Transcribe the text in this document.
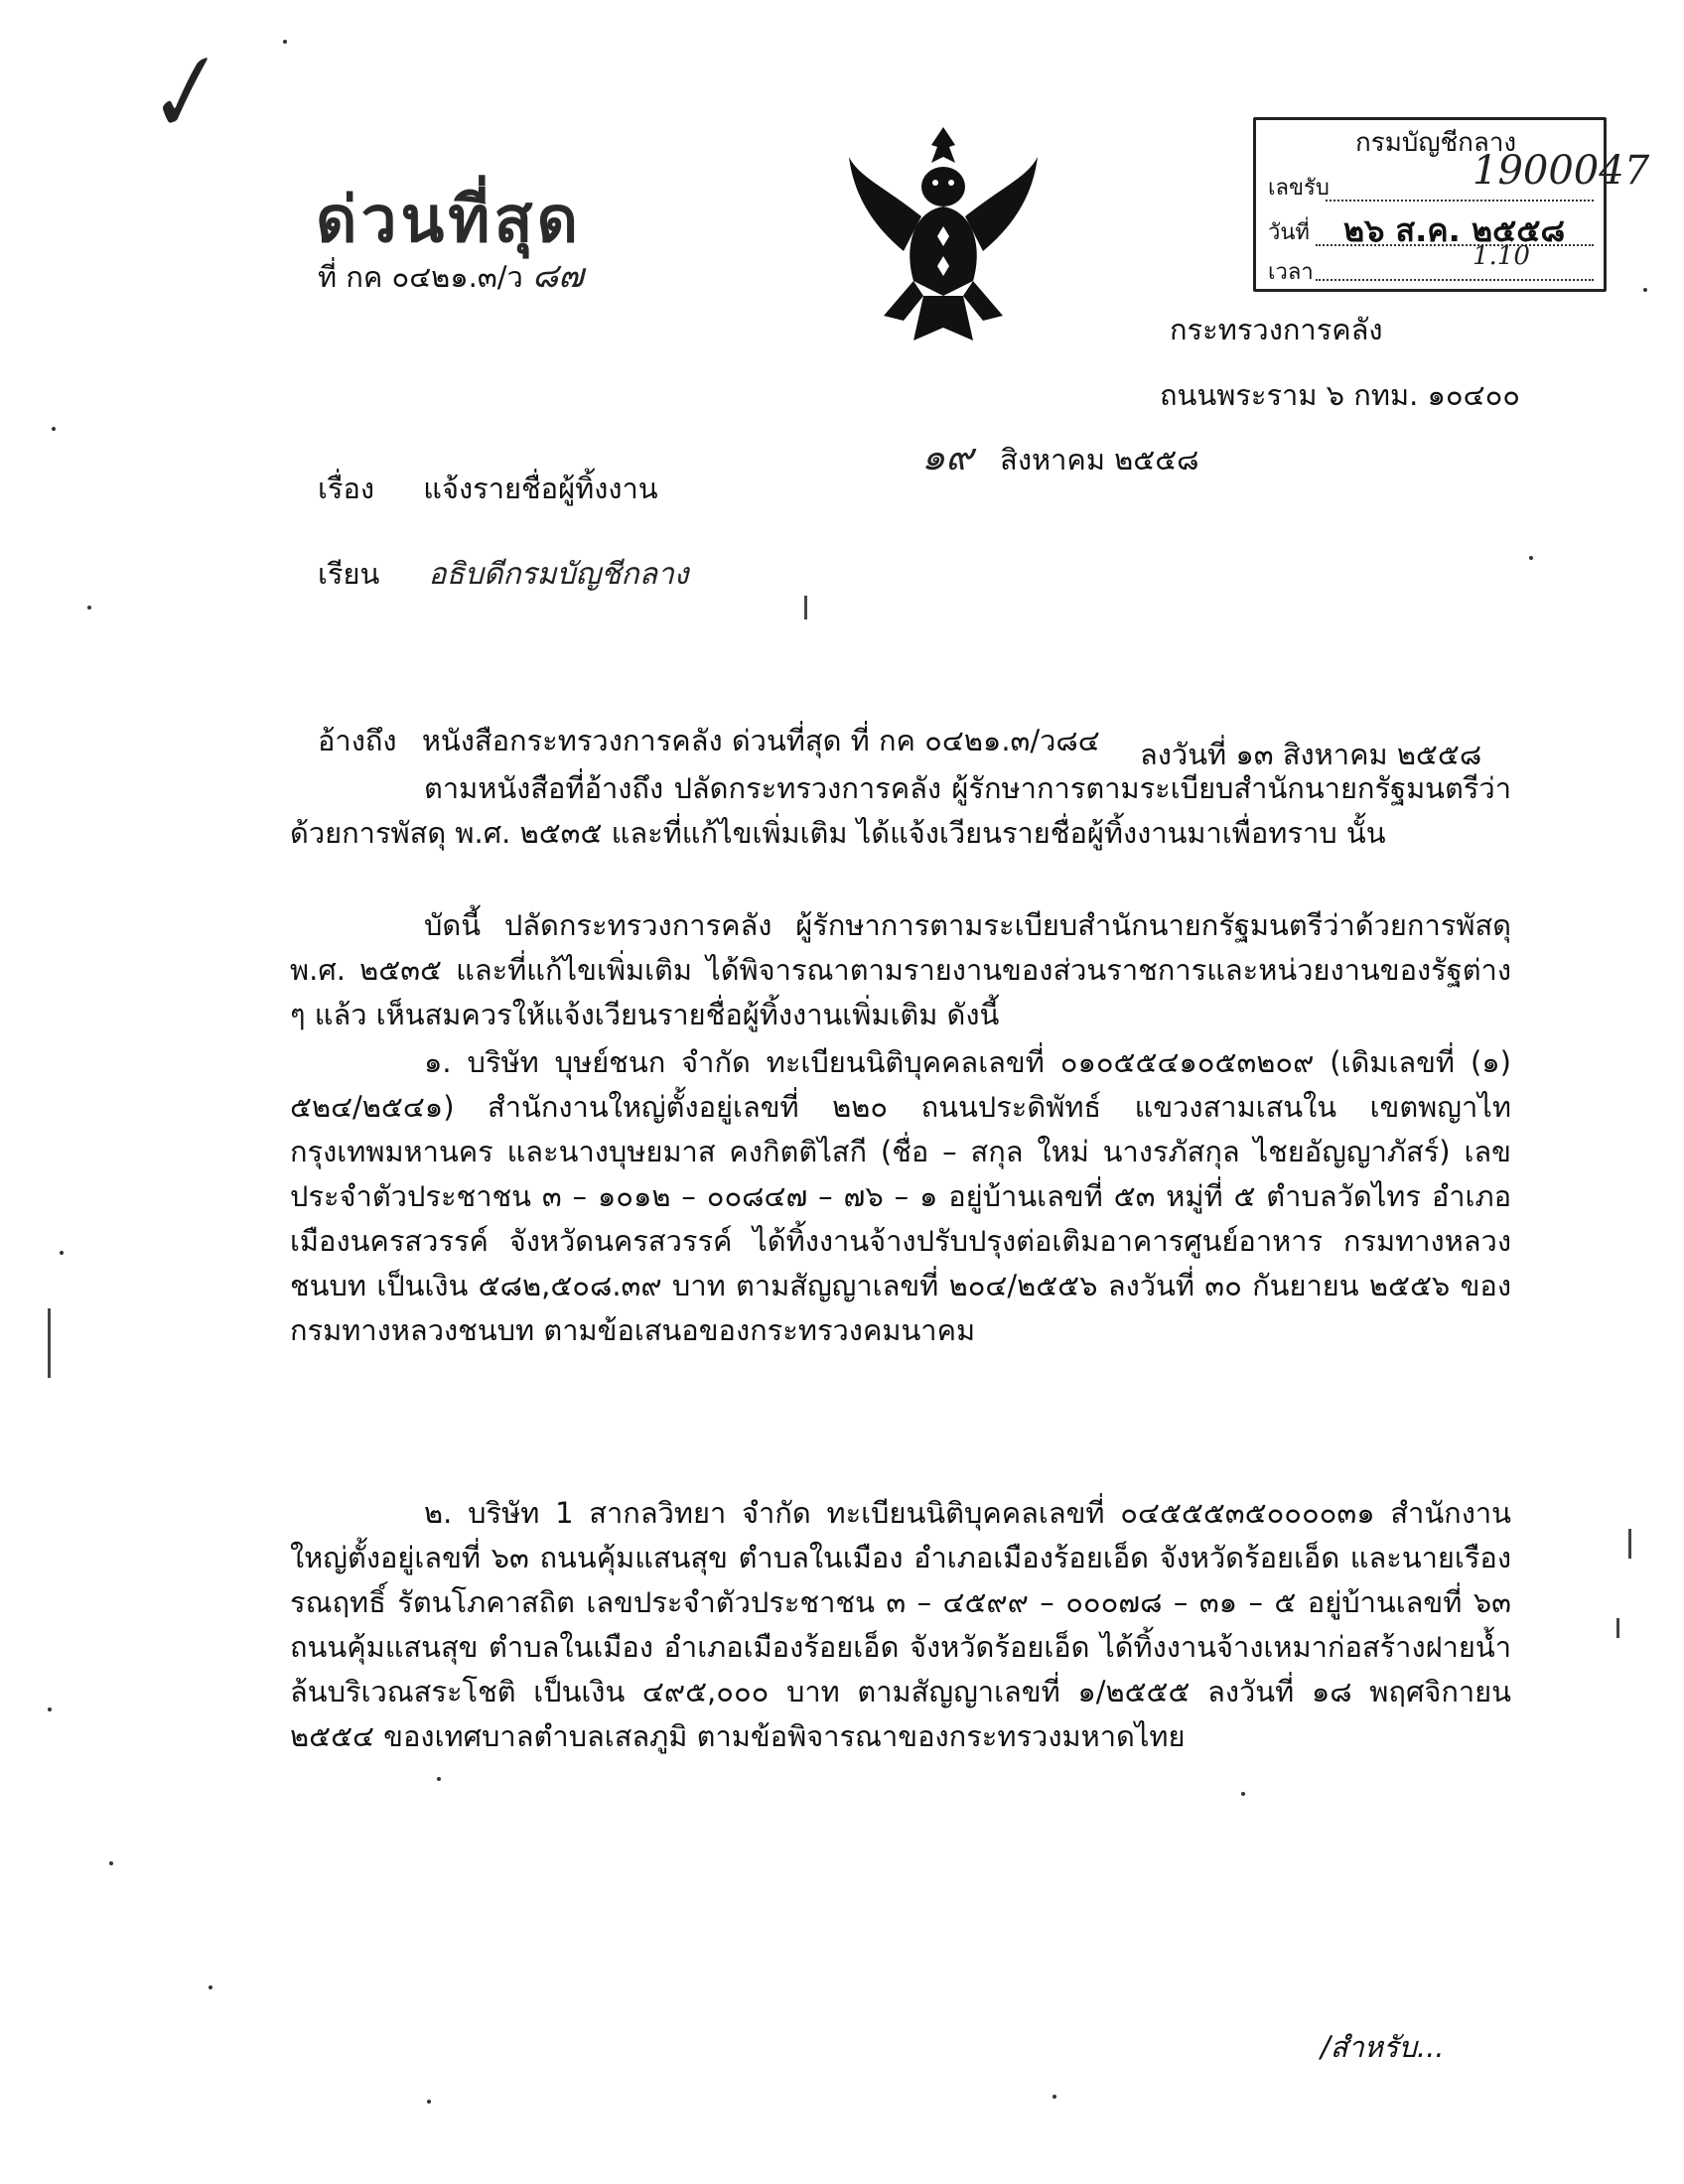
✓
ด่วนที่สุด
ที่ กค ๐๔๒๑.๓/ว ๘๗
กรมบัญชีกลาง
เลขรับ	1900047
วันที่ ๒๖ ส.ค. ๒๕๕๘
เวลา
1.10
กระทรวงการคลัง
ถนนพระราม ๖ กทม. ๑๐๔๐๐
๑๙ สิงหาคม ๒๕๕๘
เรื่อง แจ้งรายชื่อผู้ทิ้งงาน
เรียน อธิบดีกรมบัญชีกลาง
อ้างถึง หนังสือกระทรวงการคลัง ด่วนที่สุด ที่ กค ๐๔๒๑.๓/ว๘๔ ลงวันที่ ๑๓ สิงหาคม ๒๕๕๘
ตามหนังสือที่อ้างถึง ปลัดกระทรวงการคลัง ผู้รักษาการตามระเบียบสำนักนายกรัฐมนตรีว่าด้วยการพัสดุ พ.ศ. ๒๕๓๕ และที่แก้ไขเพิ่มเติม ได้แจ้งเวียนรายชื่อผู้ทิ้งงานมาเพื่อทราบ นั้น
บัดนี้ ปลัดกระทรวงการคลัง ผู้รักษาการตามระเบียบสำนักนายกรัฐมนตรีว่าด้วยการพัสดุ พ.ศ. ๒๕๓๕ และที่แก้ไขเพิ่มเติม ได้พิจารณาตามรายงานของส่วนราชการและหน่วยงานของรัฐต่าง ๆ แล้ว เห็นสมควรให้แจ้งเวียนรายชื่อผู้ทิ้งงานเพิ่มเติม ดังนี้
๑. บริษัท บุษย์ชนก จำกัด ทะเบียนนิติบุคคลเลขที่ ๐๑๐๕๕๔๑๐๕๓๒๐๙ (เดิมเลขที่ (๑) ๕๒๔/๒๕๔๑) สำนักงานใหญ่ตั้งอยู่เลขที่ ๒๒๐ ถนนประดิพัทธ์ แขวงสามเสนใน เขตพญาไท กรุงเทพมหานคร และนางบุษยมาส คงกิตติไสกี (ชื่อ – สกุล ใหม่ นางรภัสกุล ไชยอัญญาภัสร์) เลขประจำตัวประชาชน ๓ – ๑๐๑๒ – ๐๐๘๔๗ – ๗๖ – ๑ อยู่บ้านเลขที่ ๕๓ หมู่ที่ ๕ ตำบลวัดไทร อำเภอเมืองนครสวรรค์ จังหวัดนครสวรรค์ ได้ทิ้งงานจ้างปรับปรุงต่อเติมอาคารศูนย์อาหาร กรมทางหลวงชนบท เป็นเงิน ๕๘๒,๕๐๘.๓๙ บาท ตามสัญญาเลขที่ ๒๐๔/๒๕๕๖ ลงวันที่ ๓๐ กันยายน ๒๕๕๖ ของกรมทางหลวงชนบท ตามข้อเสนอของกระทรวงคมนาคม
๒. บริษัท 1 สากลวิทยา จำกัด ทะเบียนนิติบุคคลเลขที่ ๐๔๕๕๕๓๕๐๐๐๐๓๑ สำนักงานใหญ่ตั้งอยู่เลขที่ ๖๓ ถนนคุ้มแสนสุข ตำบลในเมือง อำเภอเมืองร้อยเอ็ด จังหวัดร้อยเอ็ด และนายเรืองรณฤทธิ์ รัตนโภคาสถิต เลขประจำตัวประชาชน ๓ – ๔๕๙๙ – ๐๐๐๗๘ – ๓๑ – ๕ อยู่บ้านเลขที่ ๖๓ ถนนคุ้มแสนสุข ตำบลในเมือง อำเภอเมืองร้อยเอ็ด จังหวัดร้อยเอ็ด ได้ทิ้งงานจ้างเหมาก่อสร้างฝายน้ำล้นบริเวณสระโชติ เป็นเงิน ๔๙๕,๐๐๐ บาท ตามสัญญาเลขที่ ๑/๒๕๕๕ ลงวันที่ ๑๘ พฤศจิกายน ๒๕๕๔ ของเทศบาลตำบลเสลภูมิ ตามข้อพิจารณาของกระทรวงมหาดไทย
/สำหรับ...
